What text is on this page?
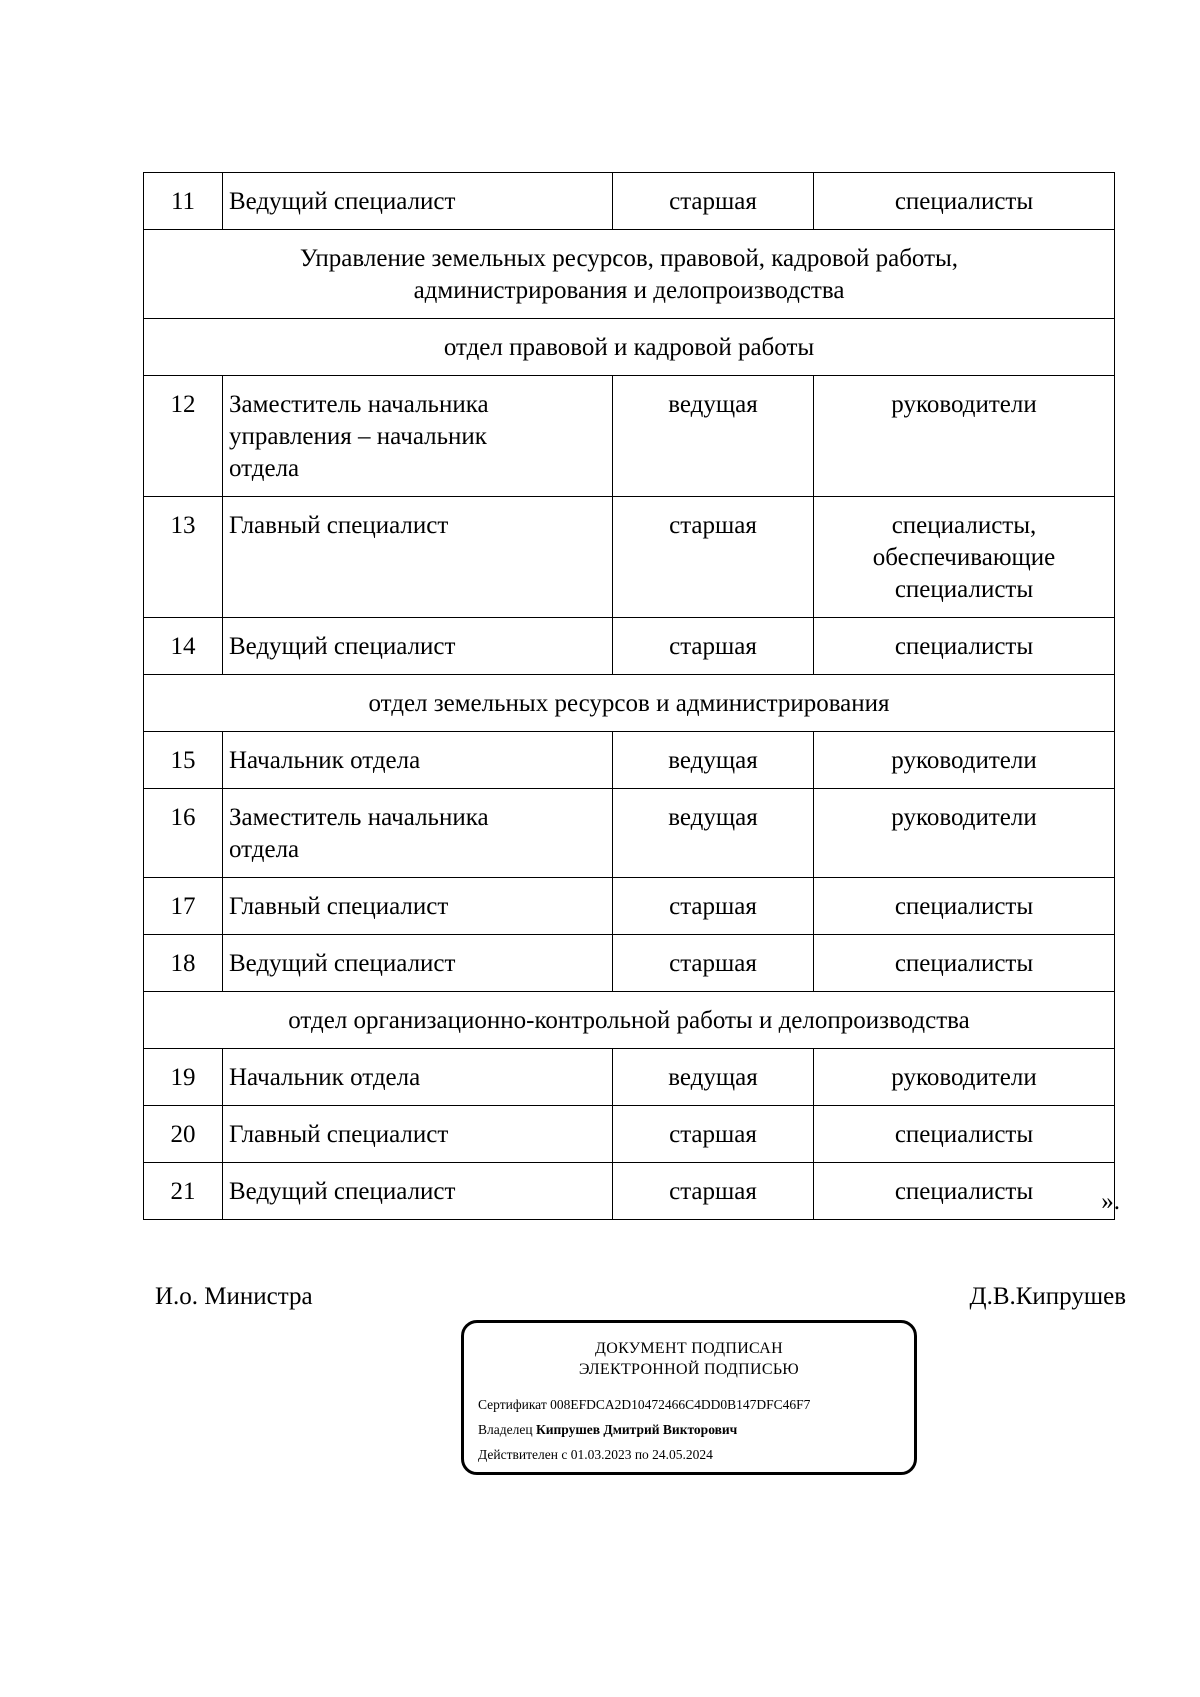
11	Ведущий специалист	старшая	специалисты
Управление земельных ресурсов, правовой, кадровой работы, администрирования и делопроизводства			
отдел правовой и кадровой работы			
12	Заместитель начальника управления – начальник отдела	ведущая	руководители
13	Главный специалист	старшая	специалисты, обеспечивающие специалисты
14	Ведущий специалист	старшая	специалисты
отдел земельных ресурсов и администрирования			
15	Начальник отдела	ведущая	руководители
16	Заместитель начальника отдела	ведущая	руководители
17	Главный специалист	старшая	специалисты
18	Ведущий специалист	старшая	специалисты
отдел организационно-контрольной работы и делопроизводства			
19	Начальник отдела	ведущая	руководители
20	Главный специалист	старшая	специалисты
21	Ведущий специалист	старшая	специалисты	».
И.о. Министра	Д.В.Кипрушев
ДОКУМЕНТ ПОДПИСАН
ЭЛЕКТРОННОЙ ПОДПИСЬЮ
Сертификат 008EFDCA2D10472466C4DD0B147DFC46F7
Владелец Кипрушев Дмитрий Викторович
Действителен с 01.03.2023 по 24.05.2024
